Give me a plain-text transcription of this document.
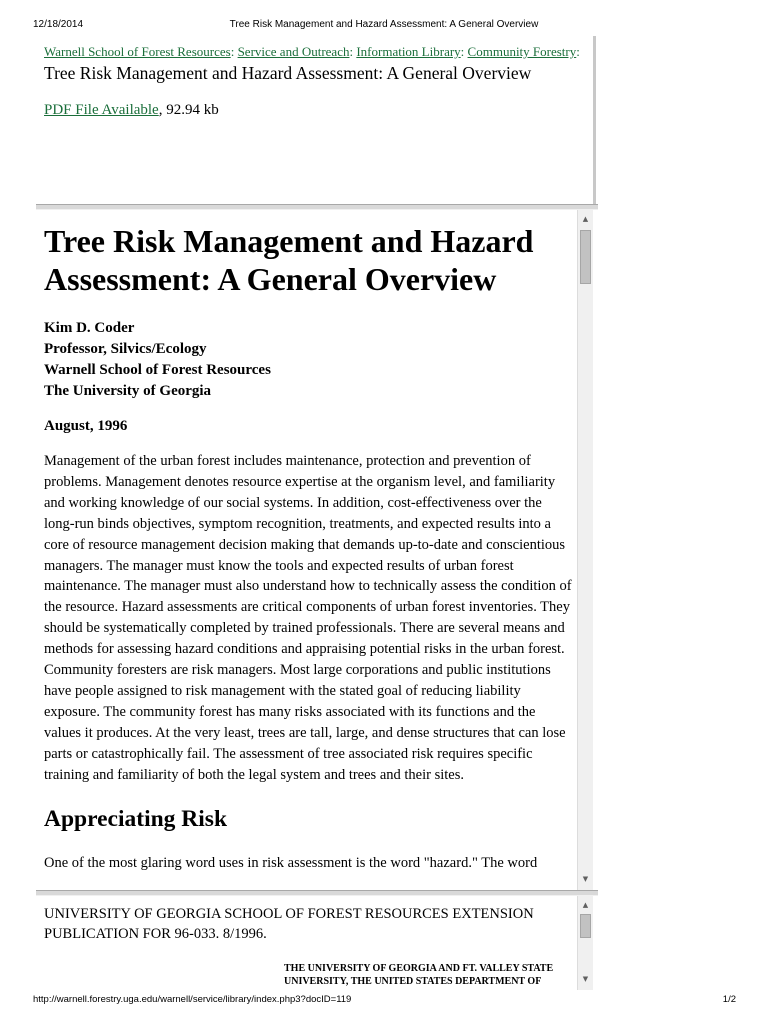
12/18/2014	Tree Risk Management and Hazard Assessment: A General Overview
Warnell School of Forest Resources: Service and Outreach: Information Library: Community Forestry:
Tree Risk Management and Hazard Assessment: A General Overview
PDF File Available, 92.94 kb
Tree Risk Management and Hazard Assessment: A General Overview
Kim D. Coder
Professor, Silvics/Ecology
Warnell School of Forest Resources
The University of Georgia
August, 1996
Management of the urban forest includes maintenance, protection and prevention of problems. Management denotes resource expertise at the organism level, and familiarity and working knowledge of our social systems. In addition, cost-effectiveness over the long-run binds objectives, symptom recognition, treatments, and expected results into a core of resource management decision making that demands up-to-date and conscientious managers. The manager must know the tools and expected results of urban forest maintenance. The manager must also understand how to technically assess the condition of the resource. Hazard assessments are critical components of urban forest inventories. They should be systematically completed by trained professionals. There are several means and methods for assessing hazard conditions and appraising potential risks in the urban forest. Community foresters are risk managers. Most large corporations and public institutions have people assigned to risk management with the stated goal of reducing liability exposure. The community forest has many risks associated with its functions and the values it produces. At the very least, trees are tall, large, and dense structures that can lose parts or catastrophically fail. The assessment of tree associated risk requires specific training and familiarity of both the legal system and trees and their sites.
Appreciating Risk
One of the most glaring word uses in risk assessment is the word "hazard." The word
▲
▼
UNIVERSITY OF GEORGIA SCHOOL OF FOREST RESOURCES EXTENSION PUBLICATION FOR 96-033. 8/1996.
THE UNIVERSITY OF GEORGIA AND FT. VALLEY STATE UNIVERSITY, THE UNITED STATES DEPARTMENT OF
▲
▼
http://warnell.forestry.uga.edu/warnell/service/library/index.php3?docID=119	1/2
